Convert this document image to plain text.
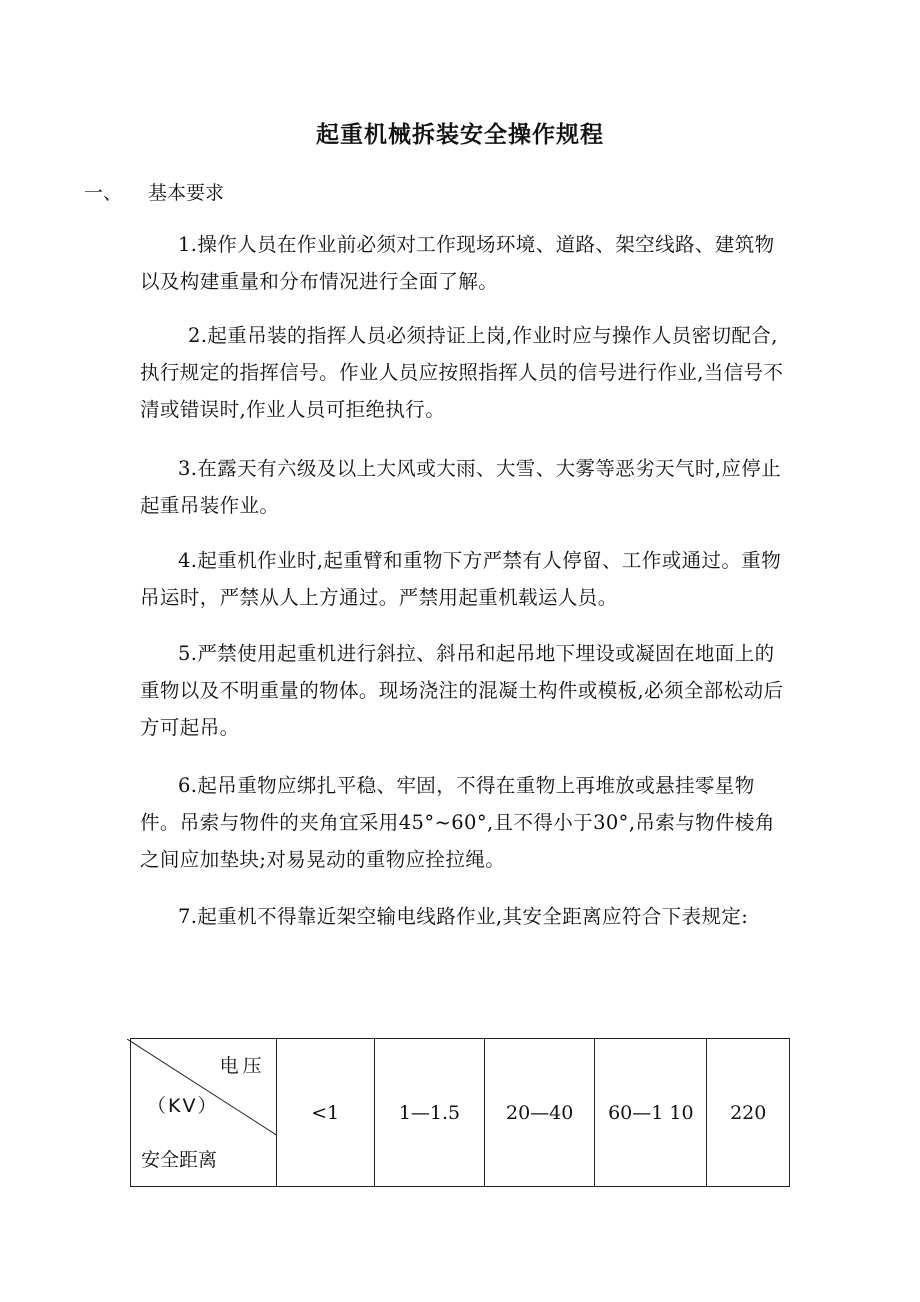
起重机械拆装安全操作规程
一、 基本要求

1.操作人员在作业前必须对工作现场环境、道路、架空线路、建筑物以及构建重量和分布情况进行全面了解。

2.起重吊装的指挥人员必须持证上岗,作业时应与操作人员密切配合,执行规定的指挥信号。作业人员应按照指挥人员的信号进行作业,当信号不清或错误时,作业人员可拒绝执行。

3.在露天有六级及以上大风或大雨、大雪、大雾等恶劣天气时,应停止起重吊装作业。

4.起重机作业时,起重臂和重物下方严禁有人停留、工作或通过。重物吊运时，严禁从人上方通过。严禁用起重机载运人员。

5.严禁使用起重机进行斜拉、斜吊和起吊地下埋设或凝固在地面上的重物以及不明重量的物体。现场浇注的混凝土构件或模板,必须全部松动后方可起吊。

6.起吊重物应绑扎平稳、牢固，不得在重物上再堆放或悬挂零星物件。吊索与物件的夹角宜采用45°~60°,且不得小于30°,吊索与物件棱角之间应加垫块;对易晃动的重物应拴拉绳。

7.起重机不得靠近架空输电线路作业,其安全距离应符合下表规定:

电压
（KV）
安全距离
	<1	1—1.5	20—40	60—1 10	220
